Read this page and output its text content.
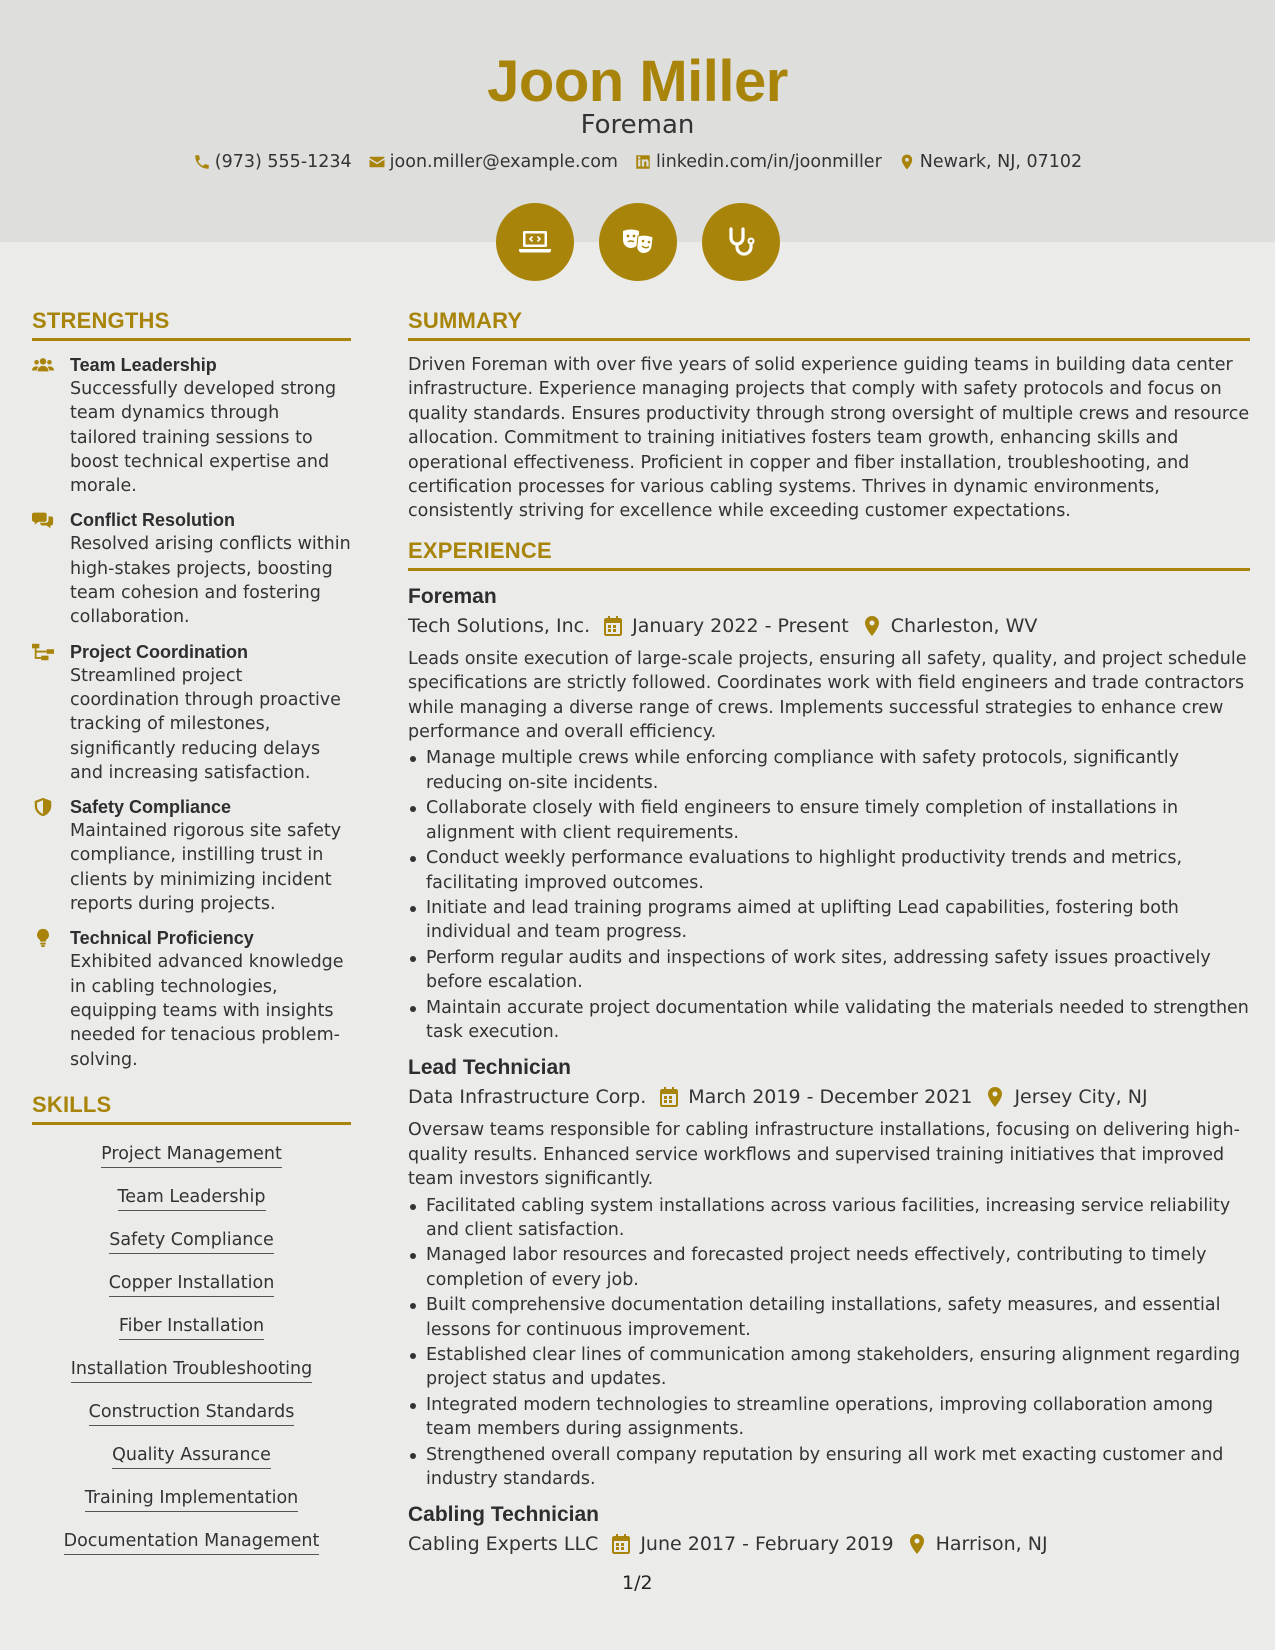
Joon Miller
Foreman
(973) 555-1234 joon.miller@example.com linkedin.com/in/joonmiller Newark, NJ, 07102
STRENGTHS
Team Leadership
Successfully developed strong team dynamics through tailored training sessions to boost technical expertise and morale.
Conflict Resolution
Resolved arising conflicts within high-stakes projects, boosting team cohesion and fostering collaboration.
Project Coordination
Streamlined project coordination through proactive tracking of milestones, significantly reducing delays and increasing satisfaction.
Safety Compliance
Maintained rigorous site safety compliance, instilling trust in clients by minimizing incident reports during projects.
Technical Proficiency
Exhibited advanced knowledge in cabling technologies, equipping teams with insights needed for tenacious problem-solving.
SKILLS
Project Management
Team Leadership
Safety Compliance
Copper Installation
Fiber Installation
Installation Troubleshooting
Construction Standards
Quality Assurance
Training Implementation
Documentation Management
SUMMARY
Driven Foreman with over five years of solid experience guiding teams in building data center infrastructure. Experience managing projects that comply with safety protocols and focus on quality standards. Ensures productivity through strong oversight of multiple crews and resource allocation. Commitment to training initiatives fosters team growth, enhancing skills and operational effectiveness. Proficient in copper and fiber installation, troubleshooting, and certification processes for various cabling systems. Thrives in dynamic environments, consistently striving for excellence while exceeding customer expectations.
EXPERIENCE
Foreman
Tech Solutions, Inc. January 2022 - Present Charleston, WV
Leads onsite execution of large-scale projects, ensuring all safety, quality, and project schedule specifications are strictly followed. Coordinates work with field engineers and trade contractors while managing a diverse range of crews. Implements successful strategies to enhance crew performance and overall efficiency.
Manage multiple crews while enforcing compliance with safety protocols, significantly reducing on-site incidents.
Collaborate closely with field engineers to ensure timely completion of installations in alignment with client requirements.
Conduct weekly performance evaluations to highlight productivity trends and metrics, facilitating improved outcomes.
Initiate and lead training programs aimed at uplifting Lead capabilities, fostering both individual and team progress.
Perform regular audits and inspections of work sites, addressing safety issues proactively before escalation.
Maintain accurate project documentation while validating the materials needed to strengthen task execution.
Lead Technician
Data Infrastructure Corp. March 2019 - December 2021 Jersey City, NJ
Oversaw teams responsible for cabling infrastructure installations, focusing on delivering high-quality results. Enhanced service workflows and supervised training initiatives that improved team investors significantly.
Facilitated cabling system installations across various facilities, increasing service reliability and client satisfaction.
Managed labor resources and forecasted project needs effectively, contributing to timely completion of every job.
Built comprehensive documentation detailing installations, safety measures, and essential lessons for continuous improvement.
Established clear lines of communication among stakeholders, ensuring alignment regarding project status and updates.
Integrated modern technologies to streamline operations, improving collaboration among team members during assignments.
Strengthened overall company reputation by ensuring all work met exacting customer and industry standards.
Cabling Technician
Cabling Experts LLC June 2017 - February 2019 Harrison, NJ
1/2
